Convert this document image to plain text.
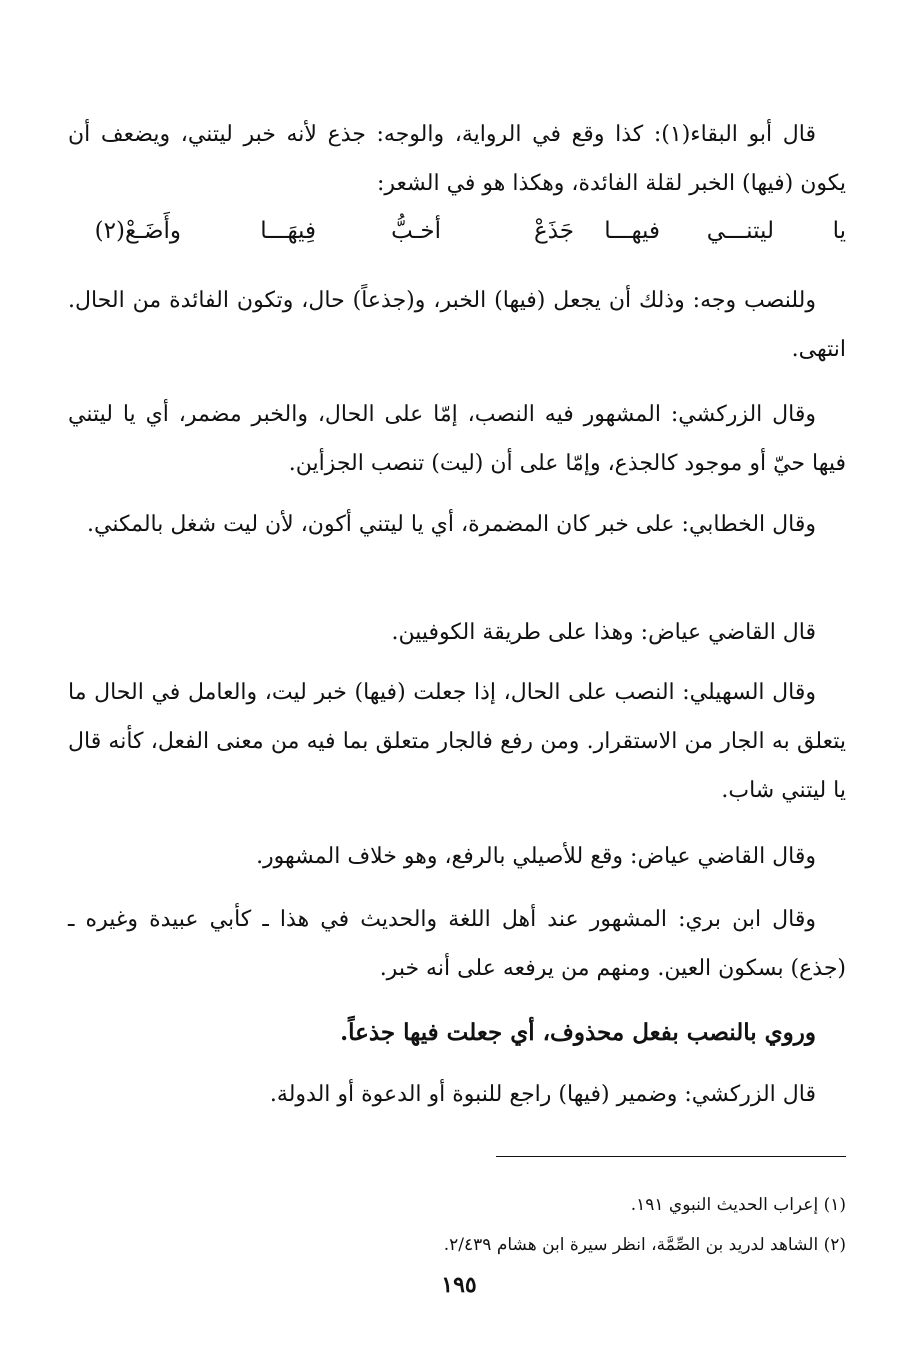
قال أبو البقاء(١): كذا وقع في الرواية، والوجه: جذع لأنه خبر ليتني، ويضعف أن يكون (فيها) الخبر لقلة الفائدة، وهكذا هو في الشعر:

يا
ليتنـــي
فيهـــا
جَذَعْ
أخـبُّ
فِيهَـــا
وأَضَـعْ(٢)

وللنصب وجه: وذلك أن يجعل (فيها) الخبر، و(جذعاً) حال، وتكون الفائدة من الحال. انتهى.

وقال الزركشي: المشهور فيه النصب، إمّا على الحال، والخبر مضمر، أي يا ليتني فيها حيّ أو موجود كالجذع، وإمّا على أن (ليت) تنصب الجزأين.

وقال الخطابي: على خبر كان المضمرة، أي يا ليتني أكون، لأن ليت شغل بالمكني.

قال القاضي عياض: وهذا على طريقة الكوفيين.

وقال السهيلي: النصب على الحال، إذا جعلت (فيها) خبر ليت، والعامل في الحال ما يتعلق به الجار من الاستقرار. ومن رفع فالجار متعلق بما فيه من معنى الفعل، كأنه قال يا ليتني شاب.

وقال القاضي عياض: وقع للأصيلي بالرفع، وهو خلاف المشهور.

وقال ابن بري: المشهور عند أهل اللغة والحديث في هذا ـ كأبي عبيدة وغيره ـ (جذع) بسكون العين. ومنهم من يرفعه على أنه خبر.

وروي بالنصب بفعل محذوف، أي جعلت فيها جذعاً.

قال الزركشي: وضمير (فيها) راجع للنبوة أو الدعوة أو الدولة.

(١) إعراب الحديث النبوي ١٩١.

(٢) الشاهد لدريد بن الصِّمَّة، انظر سيرة ابن هشام ٢/٤٣٩.

١٩٥
